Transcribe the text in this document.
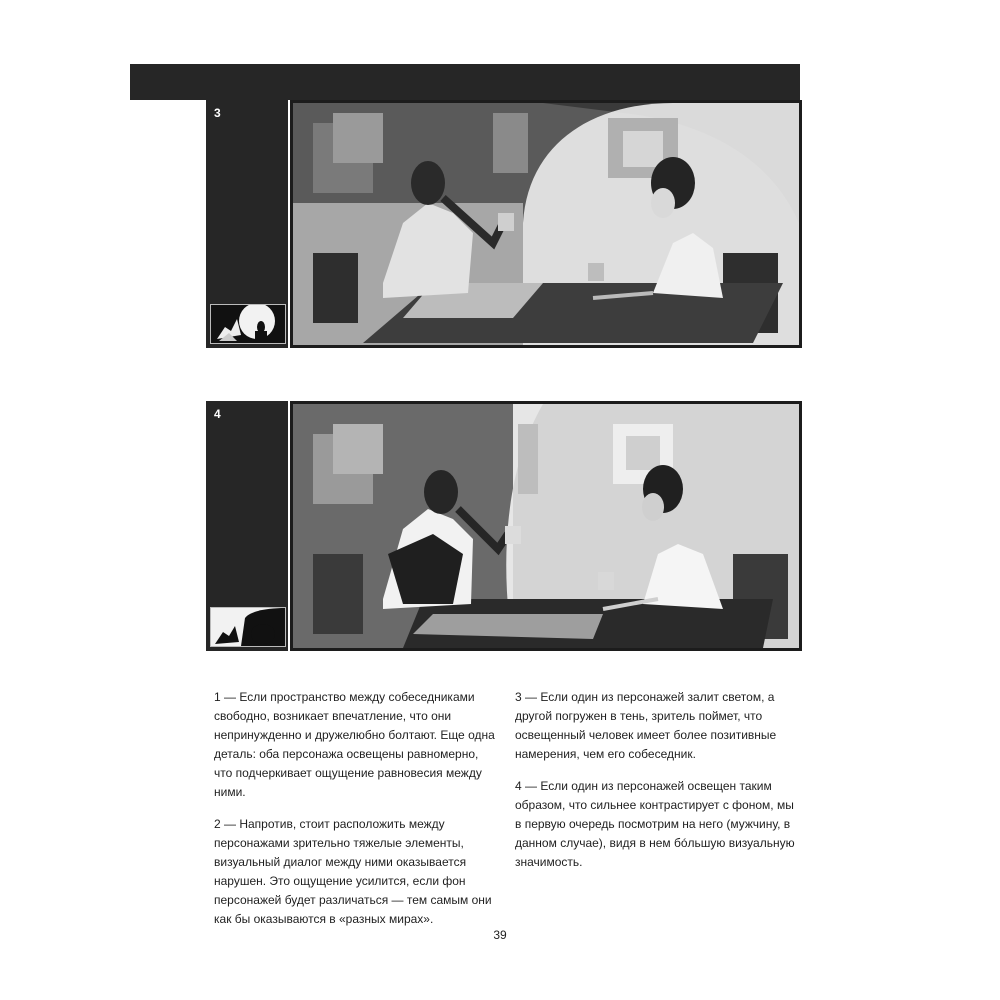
3
4

1 — Если пространство между собеседниками свободно, возникает впечатление, что они непринужденно и дружелюбно болтают. Еще одна деталь: оба персонажа освещены равномерно, что подчеркивает ощущение равновесия между ними.

2 — Напротив, стоит расположить между персонажами зрительно тяжелые элементы, визуальный диалог между ними оказывается нарушен. Это ощущение усилится, если фон персонажей будет различаться — тем самым они как бы оказываются в «разных мирах».

3 — Если один из персонажей залит светом, а другой погружен в тень, зритель поймет, что освещенный человек имеет более позитивные намерения, чем его собеседник.

4 — Если один из персонажей освещен таким образом, что сильнее контрастирует с фоном, мы в первую очередь посмотрим на него (мужчину, в данном случае), видя в нем бóльшую визуальную значимость.

39
